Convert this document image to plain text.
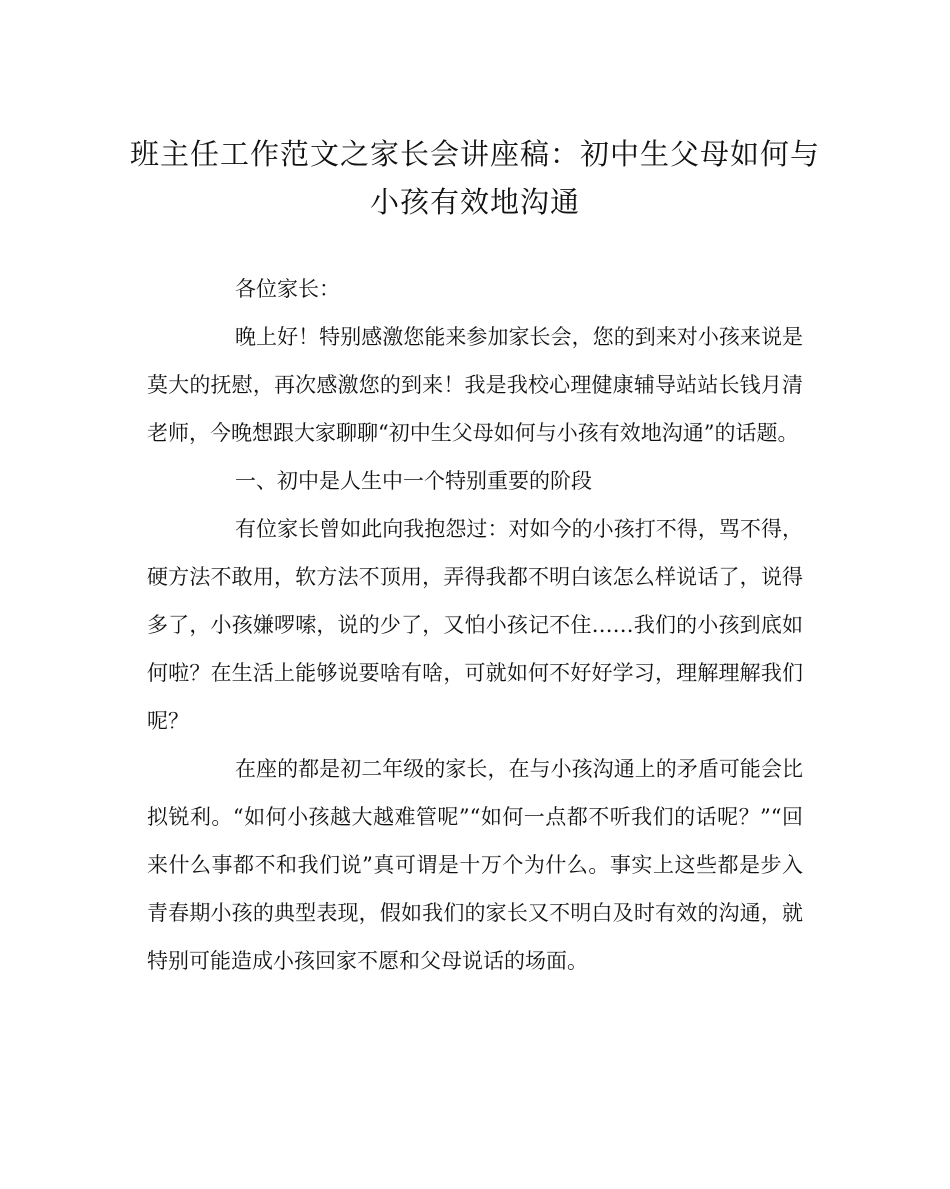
班主任工作范文之家长会讲座稿：初中生父母如何与
小孩有效地沟通

各位家长：

晚上好！特别感激您能来参加家长会，您的到来对小孩来说是莫大的抚慰，再次感激您的到来！我是我校心理健康辅导站站长钱月清老师，今晚想跟大家聊聊“初中生父母如何与小孩有效地沟通”的话题。

一、初中是人生中一个特别重要的阶段

有位家长曾如此向我抱怨过：对如今的小孩打不得，骂不得，硬方法不敢用，软方法不顶用，弄得我都不明白该怎么样说话了，说得多了，小孩嫌啰嗦，说的少了，又怕小孩记不住……我们的小孩到底如何啦？在生活上能够说要啥有啥，可就如何不好好学习，理解理解我们呢？

在座的都是初二年级的家长，在与小孩沟通上的矛盾可能会比拟锐利。“如何小孩越大越难管呢”“如何一点都不听我们的话呢？”“回来什么事都不和我们说”真可谓是十万个为什么。事实上这些都是步入青春期小孩的典型表现，假如我们的家长又不明白及时有效的沟通，就特别可能造成小孩回家不愿和父母说话的场面。
